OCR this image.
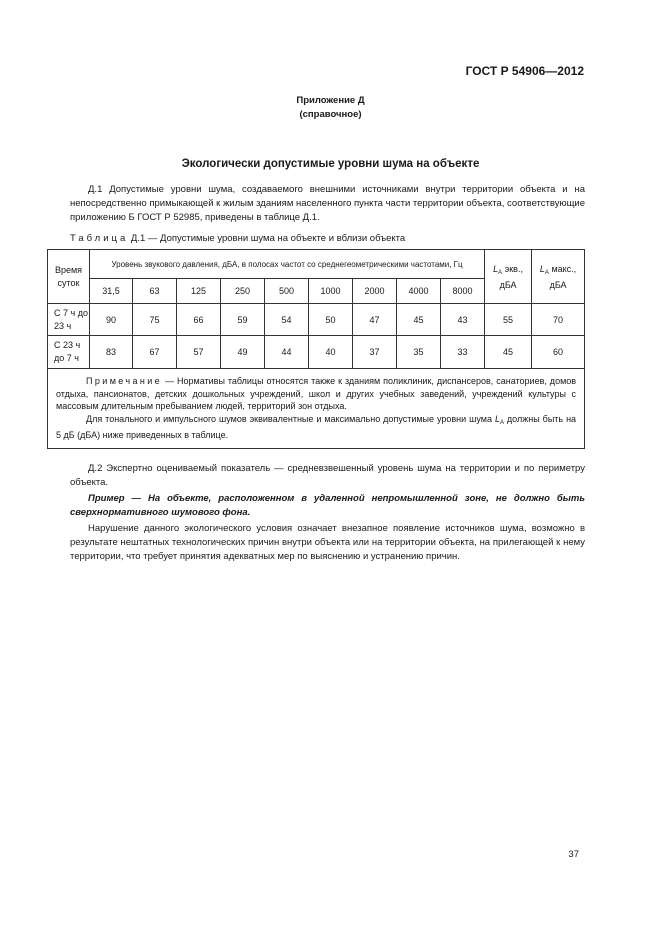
ГОСТ Р 54906—2012
Приложение Д
(справочное)
Экологически допустимые уровни шума на объекте
Д.1 Допустимые уровни шума, создаваемого внешними источниками внутри территории объекта и на непосредственно примыкающей к жилым зданиям населенного пункта части территории объекта, соответствующие приложению Б ГОСТ Р 52985, приведены в таблице Д.1.
Таблица Д.1 — Допустимые уровни шума на объекте и вблизи объекта
Время суток	Уровень звукового давления, дБА, в полосах частот со среднегеометрическими частотами, Гц									$L_А$ экв., дБА	$L_А$ макс., дБА
	31,5	63	125	250	500	1000	2000	4000	8000		
С 7 ч до 23 ч	90	75	66	59	54	50	47	45	43	55	70
С 23 ч до 7 ч	83	67	57	49	44	40	37	35	33	45	60

Примечание — Нормативы таблицы относятся также к зданиям поликлиник, диспансеров, санаториев, домов отдыха, пансионатов, детских дошкольных учреждений, школ и других учебных заведений, учреждений культуры с массовым длительным пребыванием людей, территорий зон отдыха.

Для тонального и импульсного шумов эквивалентные и максимально допустимые уровни шума $L_А$ должны быть на 5 дБ (дБА) ниже приведенных в таблице.											

Д.2 Экспертно оцениваемый показатель — средневзвешенный уровень шума на территории и по периметру объекта.
Пример — На объекте, расположенном в удаленной непромышленной зоне, не должно быть сверхнормативного шумового фона.
Нарушение данного экологического условия означает внезапное появление источников шума, возможно в результате нештатных технологических причин внутри объекта или на территории объекта, на прилегающей к нему территории, что требует принятия адекватных мер по выяснению и устранению причин.
37
